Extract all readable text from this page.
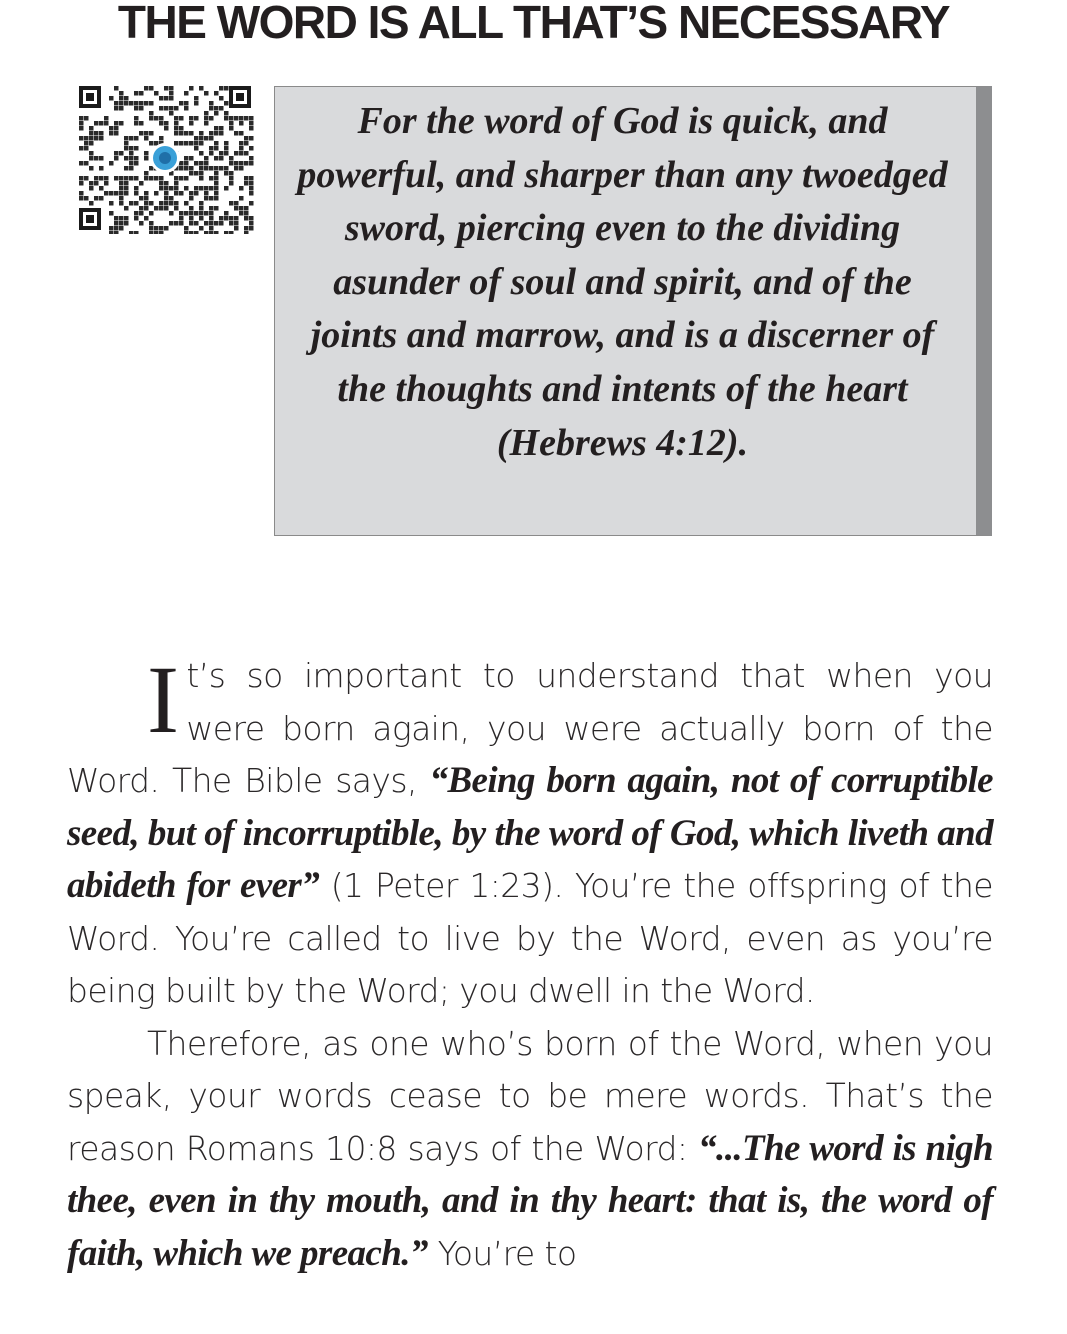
THE WORD IS ALL THAT’S NECESSARY
For the word of God is quick, and powerful, and sharper than any twoedged sword, piercing even to the dividing asunder of soul and spirit, and of the joints and marrow, and is a discerner of the thoughts and intents of the heart
(Hebrews 4:12).

It’s so important to understand that when you were born again, you were actually born of the Word. The Bible says, “Being born again, not of corruptible seed, but of incorruptible, by the word of God, which liveth and abideth for ever” (1 Peter 1:23). You’re the offspring of the Word. You’re called to live by the Word, even as you’re being built by the Word; you dwell in the Word.

Therefore, as one who’s born of the Word, when you speak, your words cease to be mere words. That’s the reason Romans 10:8 says of the Word: “...The word is nigh thee, even in thy mouth, and in thy heart: that is, the word of faith, which we preach.” You’re to
